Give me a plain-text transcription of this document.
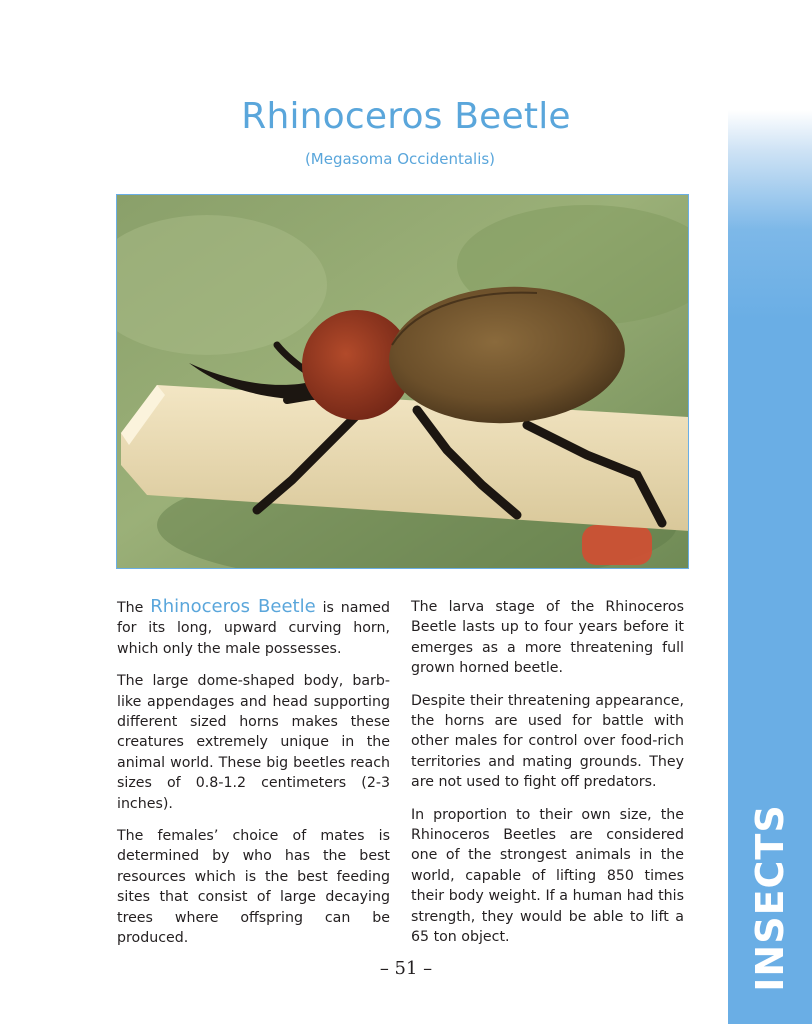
INSECTS
Rhinoceros Beetle
(Megasoma Occidentalis)

The Rhinoceros Beetle is named for its long, upward curving horn, which only the male possesses.

The large dome-shaped body, barb-like appendages and head supporting different sized horns makes these creatures extremely unique in the animal world. These big beetles reach sizes of 0.8-1.2 centimeters (2-3 inches).

The females’ choice of mates is determined by who has the best resources which is the best feeding sites that consist of large decaying trees where offspring can be produced.

The larva stage of the Rhinoceros Beetle lasts up to four years before it emerges as a more threatening full grown horned beetle.

Despite their threatening appearance, the horns are used for battle with other males for control over food-rich territories and mating grounds. They are not used to fight off predators.

In proportion to their own size, the Rhinoceros Beetles are considered one of the strongest animals in the world, capable of lifting 850 times their body weight. If a human had this strength, they would be able to lift a 65 ton object.

– 51 –
